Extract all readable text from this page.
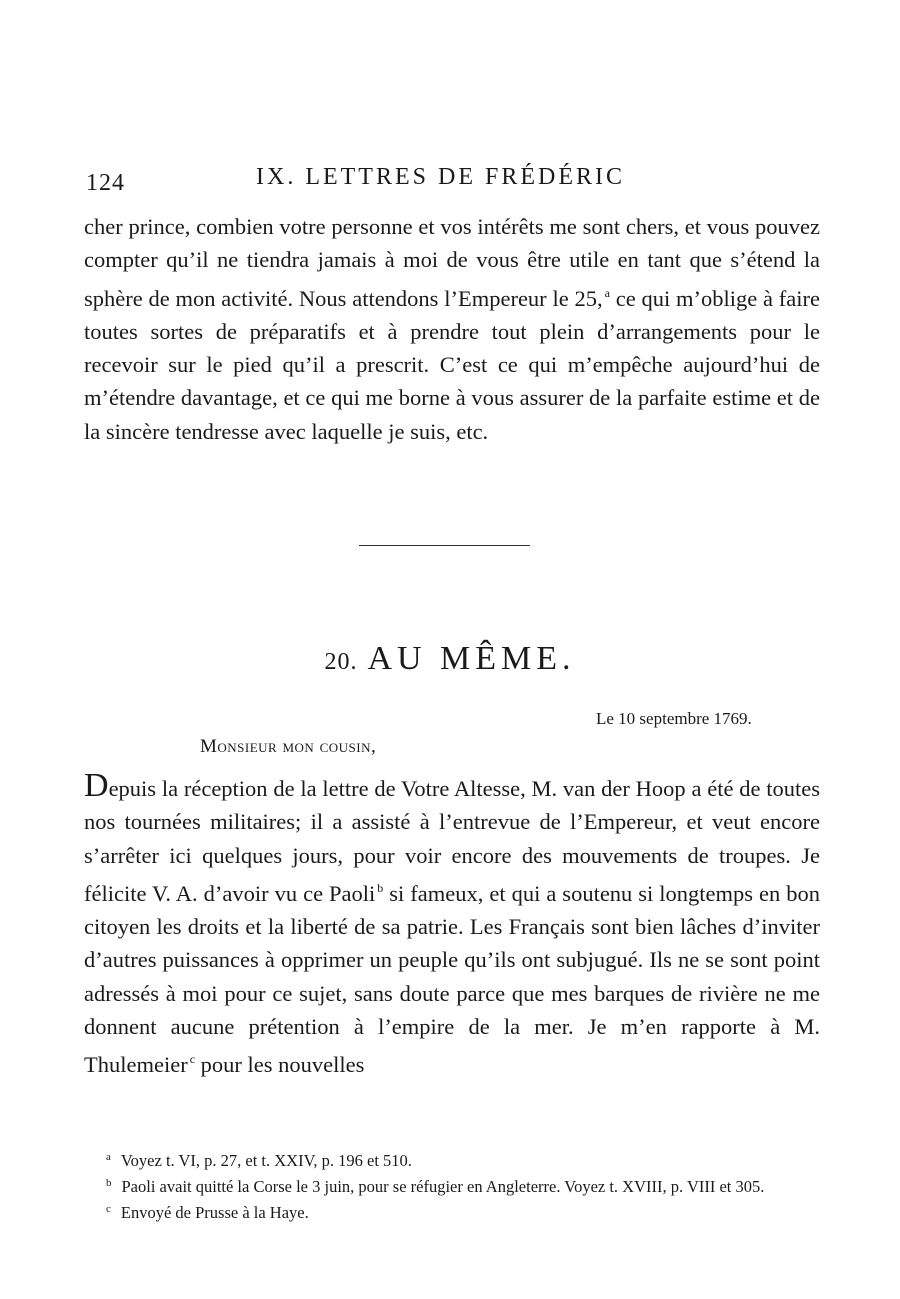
124	IX. LETTRES DE FRÉDÉRIC

cher prince, combien votre personne et vos intérêts me sont chers, et vous pouvez compter qu’il ne tiendra jamais à moi de vous être utile en tant que s’étend la sphère de mon activité. Nous attendons l’Empereur le 25, $^a$ ce qui m’oblige à faire toutes sortes de préparatifs et à prendre tout plein d’arrangements pour le recevoir sur le pied qu’il a prescrit. C’est ce qui m’empêche aujourd’hui de m’étendre davantage, et ce qui me borne à vous assurer de la parfaite estime et de la sincère tendresse avec laquelle je suis, etc.

20. AU MÊME.
Le 10 septembre 1769.
Monsieur mon cousin,

Depuis la réception de la lettre de Votre Altesse, M. van der Hoop a été de toutes nos tournées militaires; il a assisté à l’entrevue de l’Empereur, et veut encore s’arrêter ici quelques jours, pour voir encore des mouvements de troupes. Je félicite V. A. d’avoir vu ce Paoli $^b$ si fameux, et qui a soutenu si longtemps en bon citoyen les droits et la liberté de sa patrie. Les Français sont bien lâches d’inviter d’autres puissances à opprimer un peuple qu’ils ont subjugué. Ils ne se sont point adressés à moi pour ce sujet, sans doute parce que mes barques de rivière ne me donnent aucune prétention à l’empire de la mer. Je m’en rapporte à M. Thulemeier $^c$ pour les nouvelles

$^a$ Voyez t. VI, p. 27, et t. XXIV, p. 196 et 510.

$^b$ Paoli avait quitté la Corse le 3 juin, pour se réfugier en Angleterre. Voyez t. XVIII, p. VIII et 305.

$^c$ Envoyé de Prusse à la Haye.
